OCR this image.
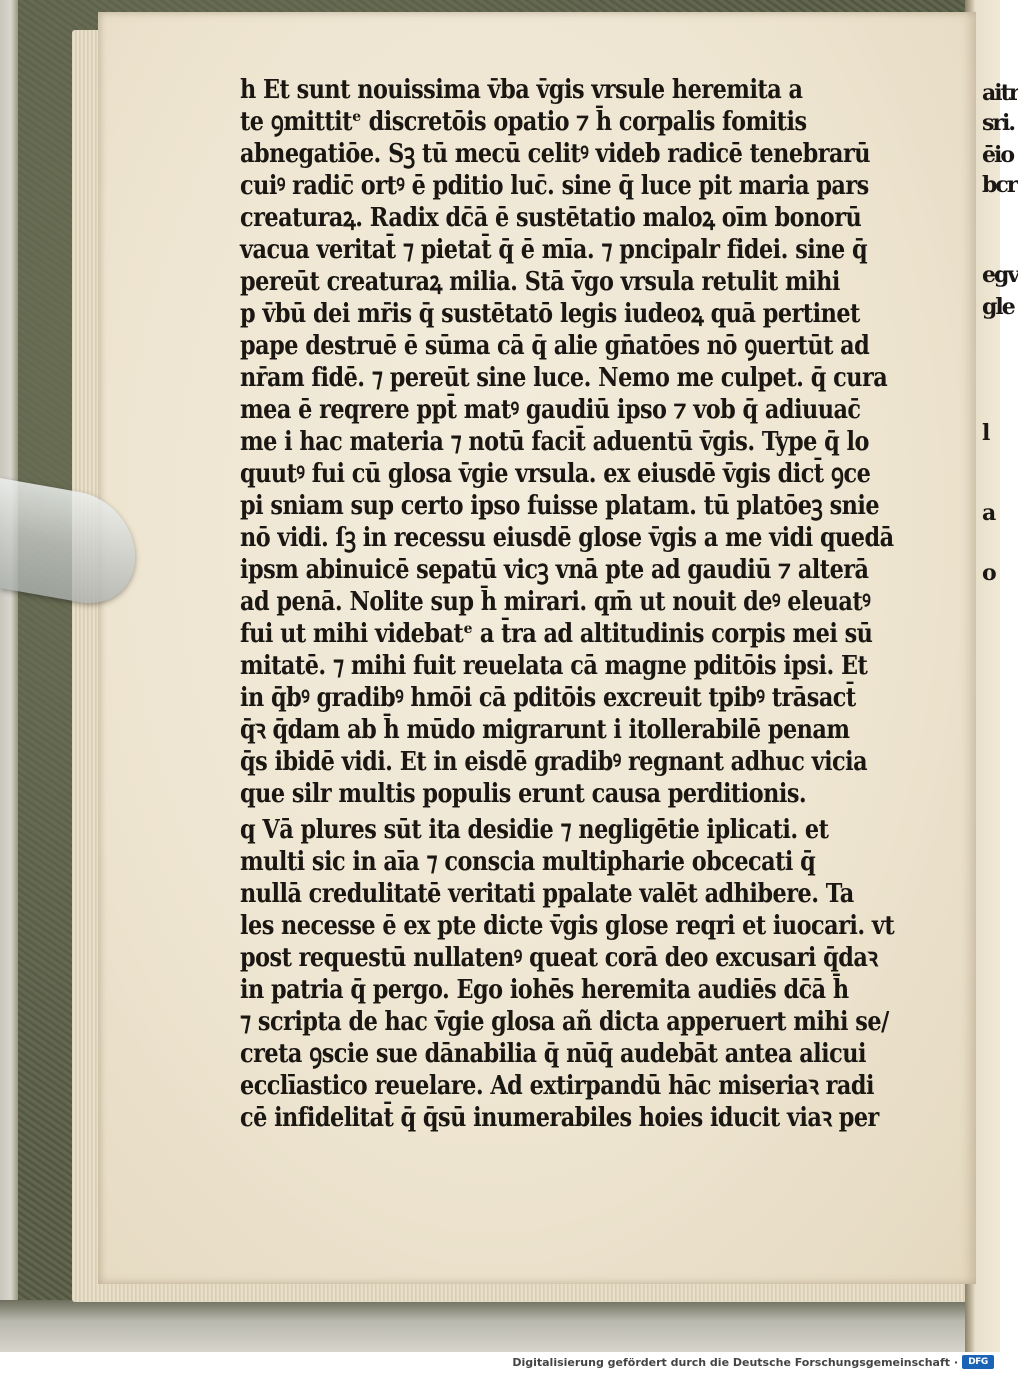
aitr
sri.
ēio
bcr
egv
gle
l
a
o
h Et sunt nouissima v̄ba v̄gis vrsule heremita a
te ꝯmittitᵉ discretōis opatio ⁊ h̄ corpalis fomitis
abnegatiōe. Sꝫ tū mecū celitꝰ videb radicē tenebrarū
cuiꝰ radic̄ ortꝰ ē pditio luc̄. sine q̄ luce pit maria pars
creaturaꝝ. Radix dc̄ā ē sustētatio maloꝝ oīm bonorū
vacua veritat̄ ⁊ pietat̄ q̄ ē mīa. ⁊ pncipalr fidei. sine q̄
pereūt creaturaꝝ milia. Stā v̄go vrsula retulit mihi
p v̄bū dei mr̄is q̄ sustētatō legis iudeoꝝ quā pertinet
pape destruē ē sūma cā q̄ alie gn̄atōes nō ꝯuertūt ad
nr̄am fidē. ⁊ pereūt sine luce. Nemo me culpet. q̄ cura
mea ē reqrere ppt̄ matꝰ gaudiū ipso ⁊ vob q̄ adiuuac̄
me i hac materia ⁊ notū facit̄ aduentū v̄gis. Type q̄ lo
quutꝰ fui cū glosa v̄gie vrsula. ex eiusdē v̄gis dict̄ ꝯce
pi sniam sup certo ipso fuisse platam. tū platōeꝫ snie
nō vidi. ſꝫ in recessu eiusdē glose v̄gis a me vidi quedā
ipsm abinuicē sepatū vicꝫ vnā pte ad gaudiū ⁊ alterā
ad penā. Nolite sup h̄ mirari. qm̄ ut nouit deꝰ eleuatꝰ
fui ut mihi videbatᵉ a t̄ra ad altitudinis corpis mei sū
mitatē. ⁊ mihi fuit reuelata cā magne pditōis ipsi. Et
in q̄bꝰ gradibꝰ hmōi cā pditōis excreuit tpibꝰ trāsact̄
q̄ꝛ q̄dam ab h̄ mūdo migrarunt i itollerabilē penam
q̄s ibidē vidi. Et in eisdē gradibꝰ regnant adhuc vicia
que silr multis populis erunt causa perditionis.
q Vā plures sūt ita desidie ⁊ negligētie iplicati. et
multi sic in aīa ⁊ conscia multipharie obcecati q̄
nullā credulitatē veritati ppalate valēt adhibere. Ta
les necesse ē ex pte dicte v̄gis glose reqri et iuocari. vt
post requestū nullatenꝰ queat corā deo excusari q̄daꝛ
in patria q̄ pergo. Ego iohēs heremita audiēs dc̄ā h̄
⁊ scripta de hac v̄gie glosa añ dicta apperuert mihi se/
creta ꝯscie sue dānabilia q̄ nūq̄ audebāt antea alicui
ecclīastico reuelare. Ad extirpandū hāc miseriaꝛ radi
cē infidelitat̄ q̄ q̄sū inumerabiles hoies iducit viaꝛ per
Digitalisierung gefördert durch die Deutsche Forschungsgemeinschaft ·	DFG
